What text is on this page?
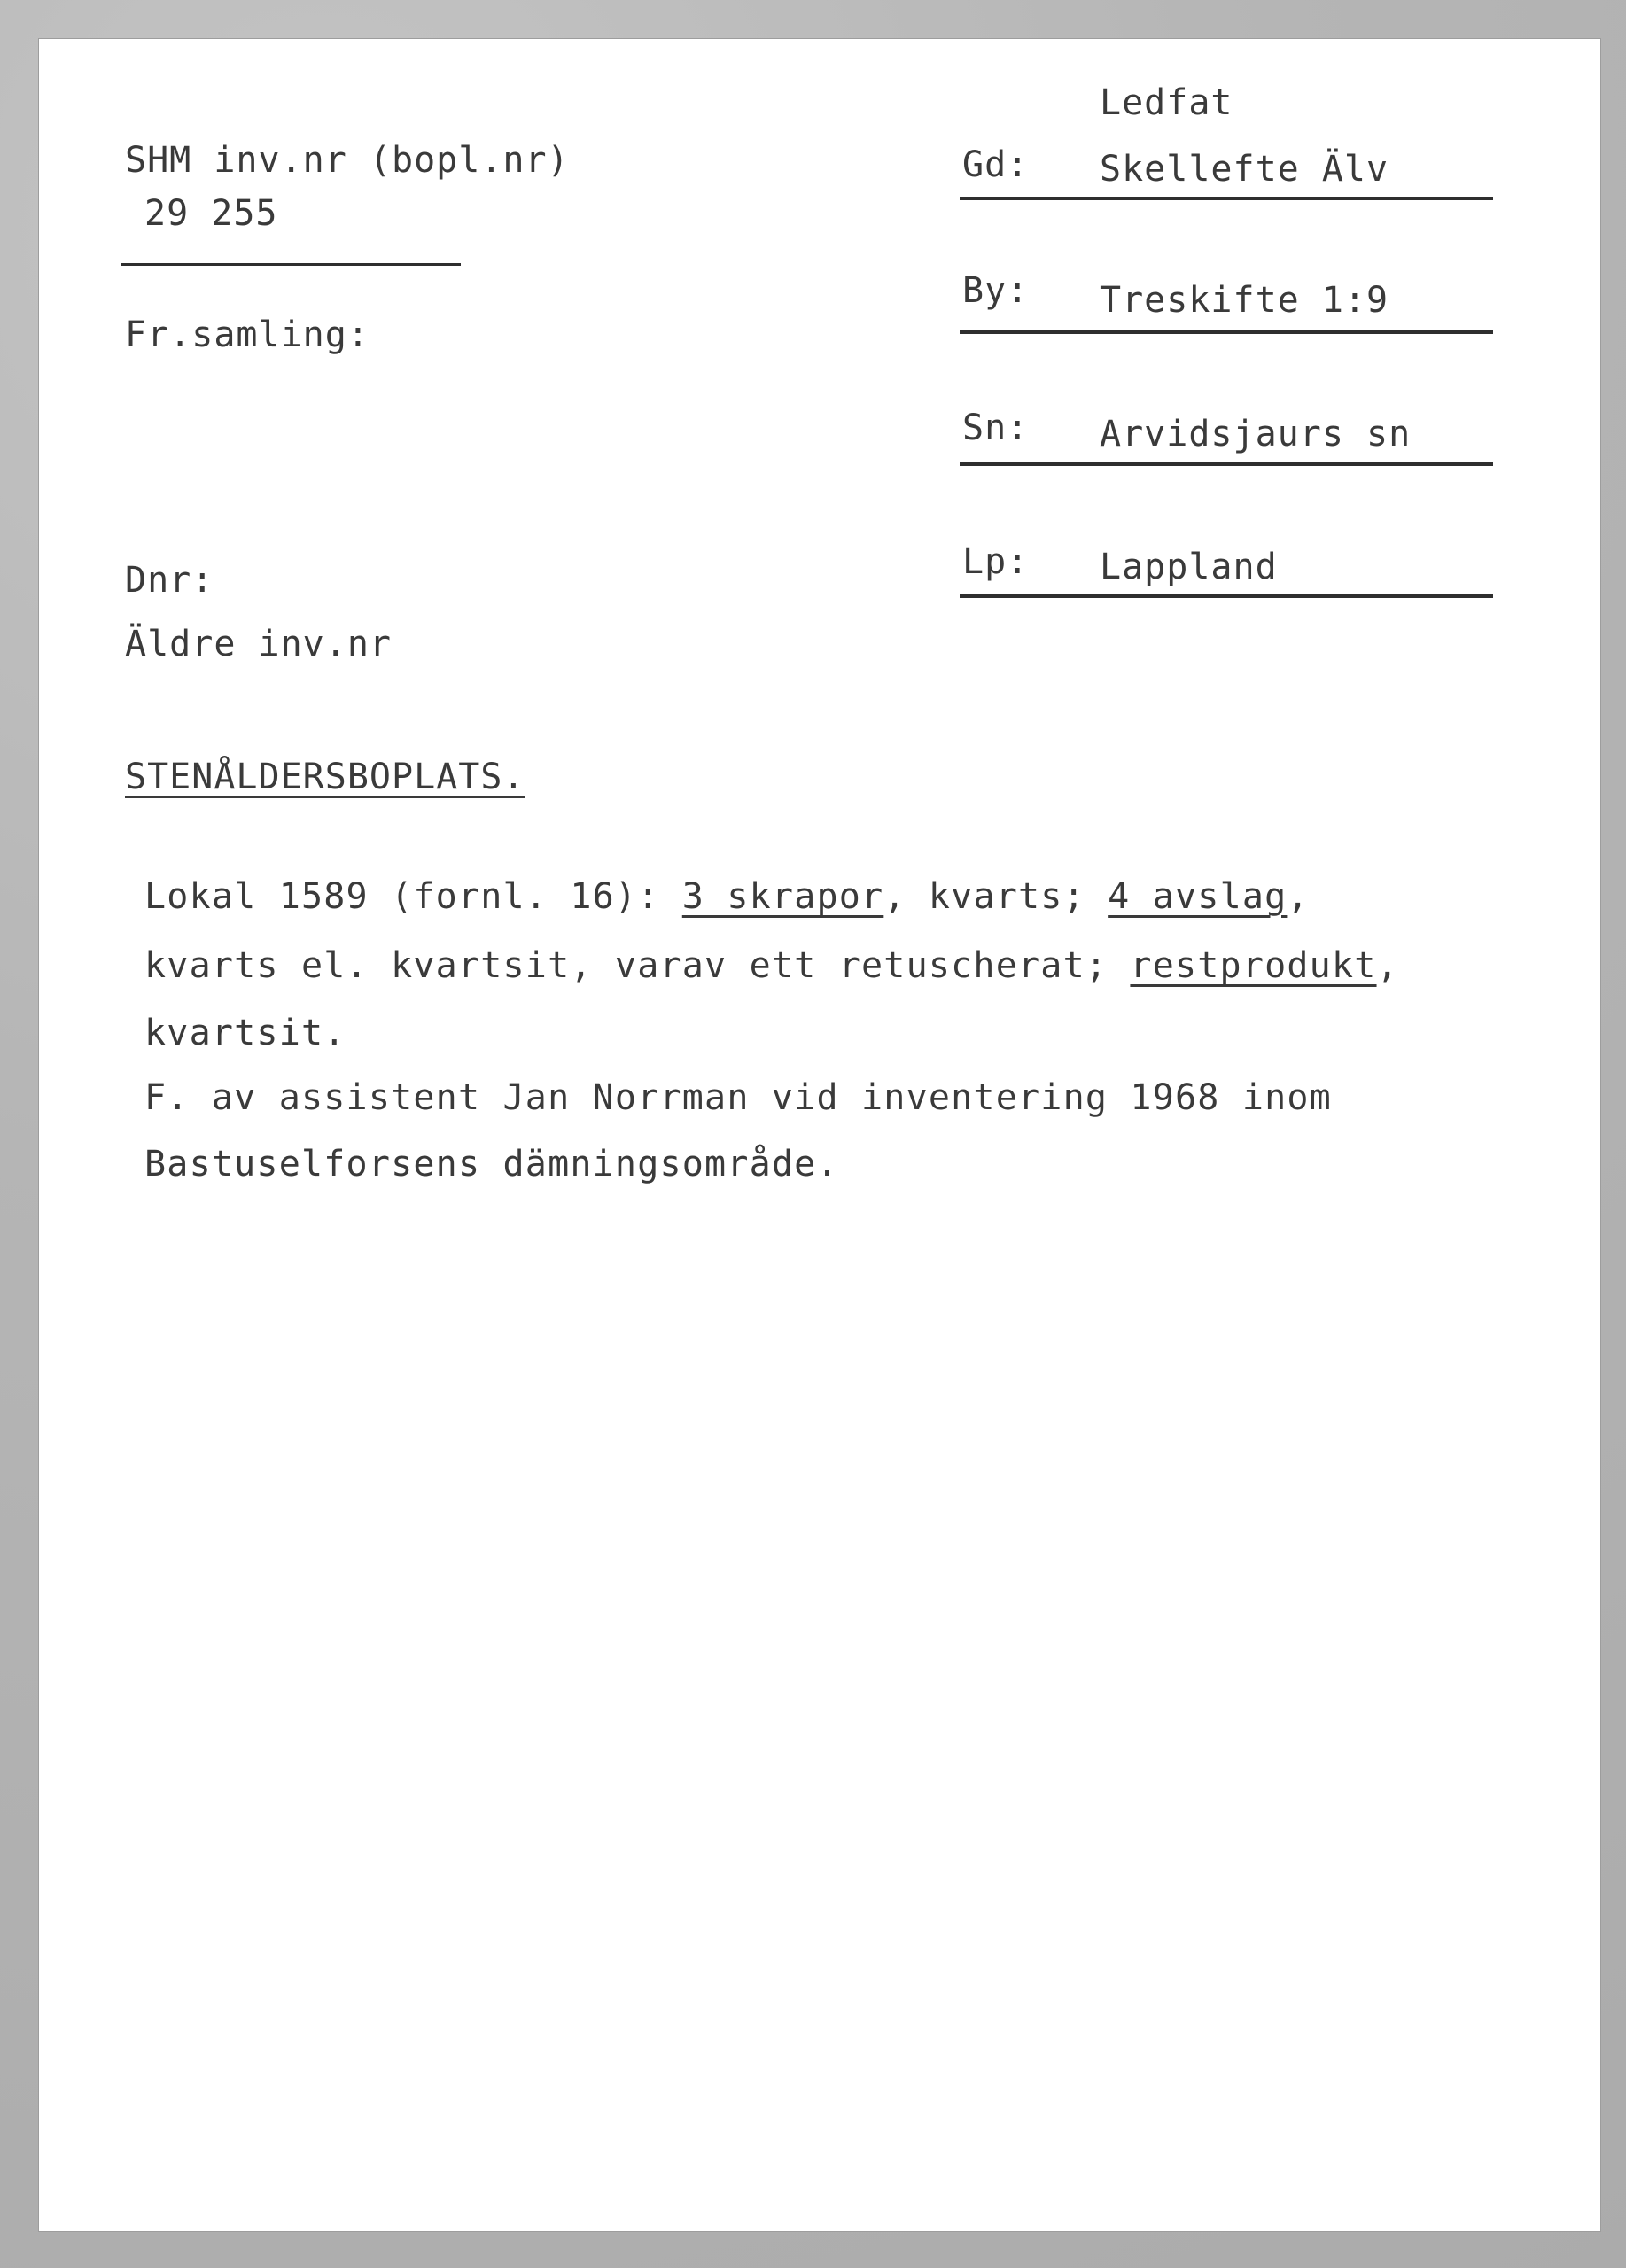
SHM inv.nr (bopl.nr)
29 255
Fr.samling:
Dnr:
Äldre inv.nr
Ledfat
Gd: Skellefte Älv
By: Treskifte 1:9
Sn: Arvidsjaurs sn
Lp: Lappland
STENÅLDERSBOPLATS.
Lokal 1589 (fornl. 16): 3 skrapor, kvarts; 4 avslag,
kvarts el. kvartsit, varav ett retuscherat; restprodukt,
kvartsit.
F. av assistent Jan Norrman vid inventering 1968 inom
Bastuselforsens dämningsområde.
